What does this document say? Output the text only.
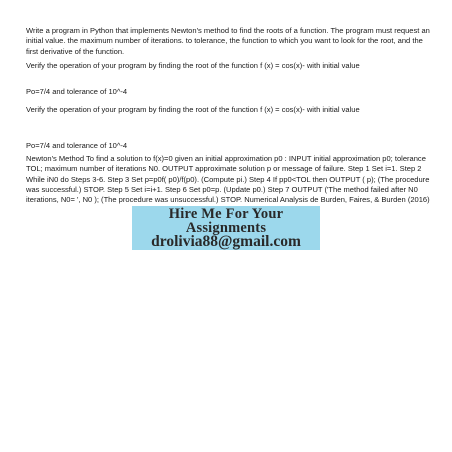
Write a program in Python that implements Newton's method to find the roots of a function. The program must request an initial value. the maximum number of iterations. to tolerance, the function to which you want to look for the root, and the first derivative of the function.

Verify the operation of your program by finding the root of the function f (x) = cos(x)- with initial value

Po=7/4 and tolerance of 10^-4

Verify the operation of your program by finding the root of the function f (x) = cos(x)- with initial value

Po=7/4 and tolerance of 10^-4

Newton's Method To find a solution to f(x)=0 given an initial approximation p0 : INPUT initial approximation p0; tolerance TOL; maximum number of iterations N0. OUTPUT approximate solution p or message of failure. Step 1 Set i=1. Step 2 While iN0 do Steps 3-6. Step 3 Set p=p0f( p0)/f(p0). (Compute pi.) Step 4 If pp0<TOL then OUTPUT ( p); (The procedure was successful.) STOP. Step 5 Set i=i+1. Step 6 Set p0=p. (Update p0.) Step 7 OUTPUT ('The method failed after N0 iterations, N0= ', N0 ); (The procedure was unsuccessful.) STOP. Numerical Analysis de Burden, Faires, & Burden (2016)

Hire Me For Your
Assignments
drolivia88@gmail.com
